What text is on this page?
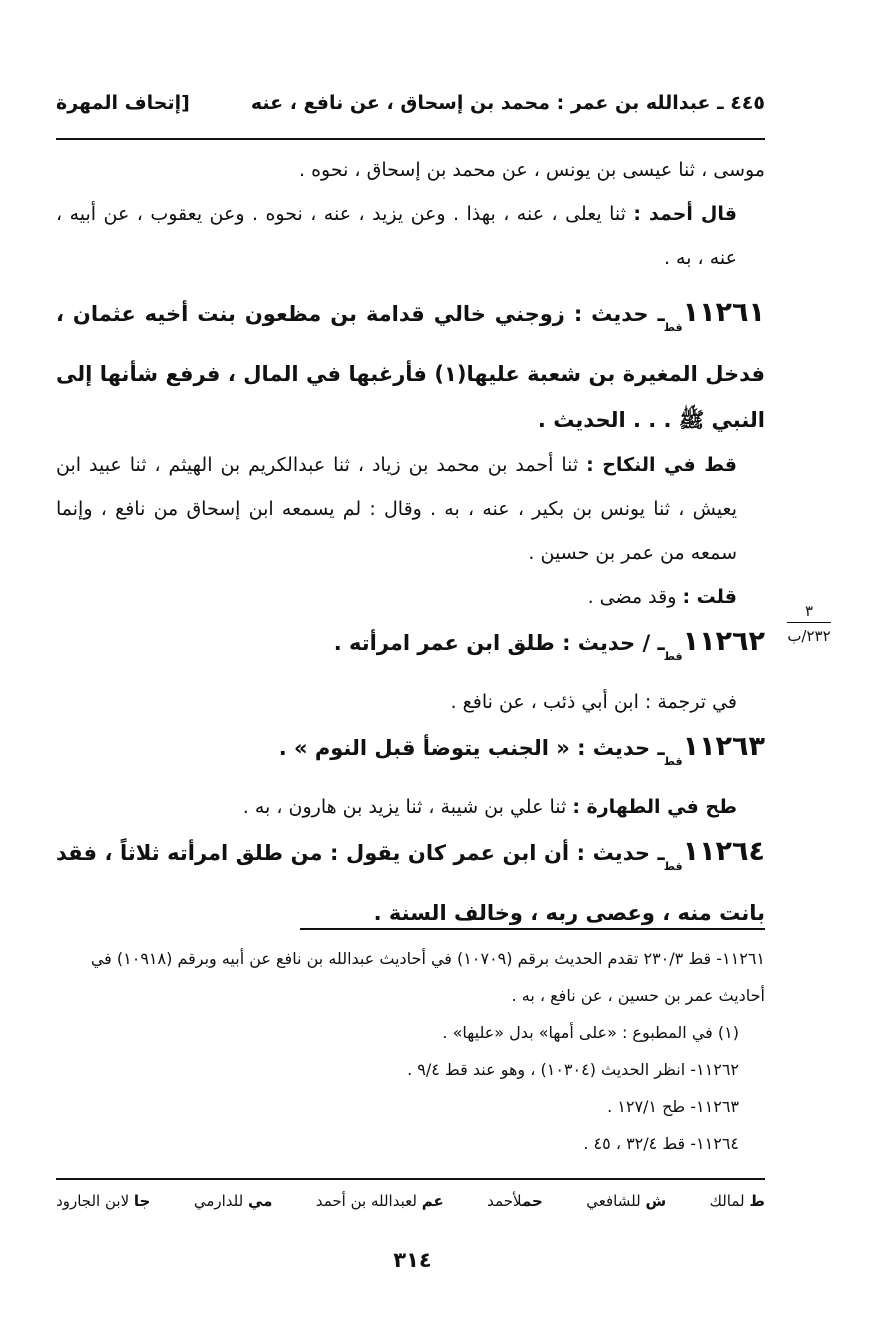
٤٤٥ ـ عبدالله بن عمر : محمد بن إسحاق ، عن نافع ، عنه
[إتحاف المهرة

موسى ، ثنا عيسى بن يونس ، عن محمد بن إسحاق ، نحوه .

قال أحمد : ثنا يعلى ، عنه ، بهذا . وعن يزيد ، عنه ، نحوه . وعن يعقوب ، عن أبيه ، عنه ، به .

$١١٢٦١_{قط}ـ$ حديث : زوجني خالي قدامة بن مظعون بنت أخيه عثمان ، فدخل المغيرة بن شعبة عليها(١) فأرغبها في المال ، فرفع شأنها إلى النبي ﷺ . . . الحديث .

قط في النكاح : ثنا أحمد بن محمد بن زياد ، ثنا عبدالكريم بن الهيثم ، ثنا عبيد ابن يعيش ، ثنا يونس بن بكير ، عنه ، به . وقال : لم يسمعه ابن إسحاق من نافع ، وإنما سمعه من عمر بن حسين .

قلت : وقد مضى .

$١١٢٦٢_{قط}ـ$ / حديث : طلق ابن عمر امرأته .

في ترجمة : ابن أبي ذئب ، عن نافع .

$١١٢٦٣_{قط}ـ$ حديث : « الجنب يتوضأ قبل النوم » .

طح في الطهارة : ثنا علي بن شيبة ، ثنا يزيد بن هارون ، به .

$١١٢٦٤_{قط}ـ$ حديث : أن ابن عمر كان يقول : من طلق امرأته ثلاثاً ، فقد بانت منه ، وعصى ربه ، وخالف السنة .

٣
٢٣٢/ب

١١٢٦١- قط ٢٣٠/٣ تقدم الحديث برقم (١٠٧٠٩) في أحاديث عبدالله بن نافع عن أبيه وبرقم (١٠٩١٨) في أحاديث عمر بن حسين ، عن نافع ، به .

(١) في المطبوع : «على أمها» بدل «عليها» .

١١٢٦٢- انظر الحديث (١٠٣٠٤) ، وهو عند قط ٩/٤ .

١١٢٦٣- طح ١٢٧/١ .

١١٢٦٤- قط ٣٢/٤ ، ٤٥ .

ط لمالك
ش للشافعي
حملأحمد
عم لعبدالله بن أحمد
مي للدارمي
جا لابن الجارود
٣١٤
